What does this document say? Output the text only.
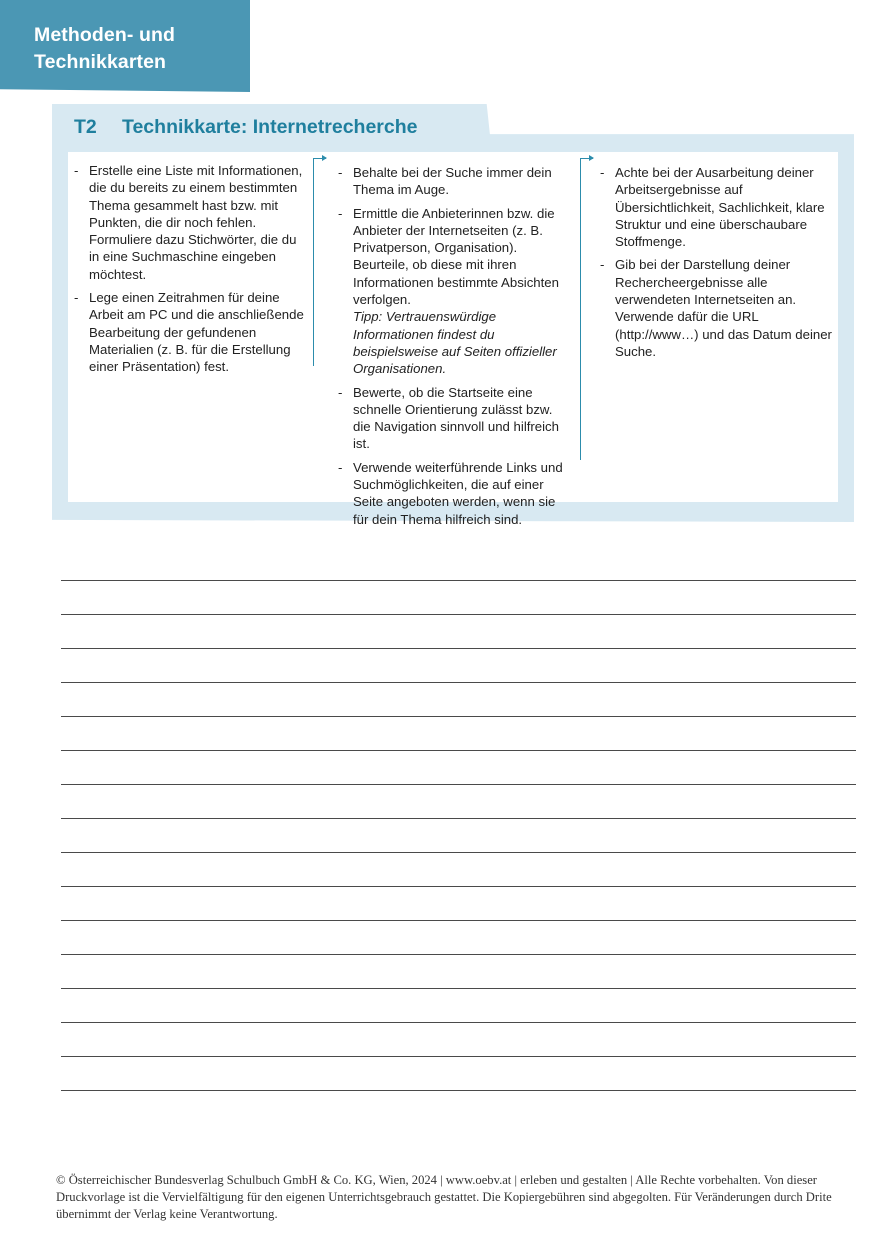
Methoden- und
Technikkarten
T2 Technikkarte: Internetrecherche
- Erstelle eine Liste mit Informationen, die du bereits zu einem bestimmten Thema gesammelt hast bzw. mit Punkten, die dir noch fehlen. Formuliere dazu Stichwörter, die du in eine Suchmaschine eingeben möchtest.
- Lege einen Zeitrahmen für deine Arbeit am PC und die anschließende Bearbeitung der gefundenen Materialien (z. B. für die Erstellung einer Präsentation) fest.
- Behalte bei der Suche immer dein Thema im Auge.
- Ermittle die Anbieterinnen bzw. die Anbieter der Internetseiten (z. B. Privatperson, Organisation). Beurteile, ob diese mit ihren Informationen bestimmte Absichten verfolgen.
Tipp: Vertrauenswürdige Informationen findest du beispielsweise auf Seiten offizieller Organisationen.
- Bewerte, ob die Startseite eine schnelle Orientierung zulässt bzw. die Navigation sinnvoll und hilfreich ist.
- Verwende weiterführende Links und Suchmöglichkeiten, die auf einer Seite angeboten werden, wenn sie für dein Thema hilfreich sind.
- Achte bei der Ausarbeitung deiner Arbeitsergebnisse auf Übersichtlichkeit, Sachlichkeit, klare Struktur und eine überschaubare Stoffmenge.
- Gib bei der Darstellung deiner Rechercheergebnisse alle verwendeten Internetseiten an. Verwende dafür die URL (http://www…) und das Datum deiner Suche.
© Österreichischer Bundesverlag Schulbuch GmbH & Co. KG, Wien, 2024 | www.oebv.at | erleben und gestalten | Alle Rechte vorbehalten. Von dieser Druckvorlage ist die Vervielfältigung für den eigenen Unterrichtsgebrauch gestattet. Die Kopiergebühren sind abgegolten. Für Veränderungen durch Drite übernimmt der Verlag keine Verantwortung.
